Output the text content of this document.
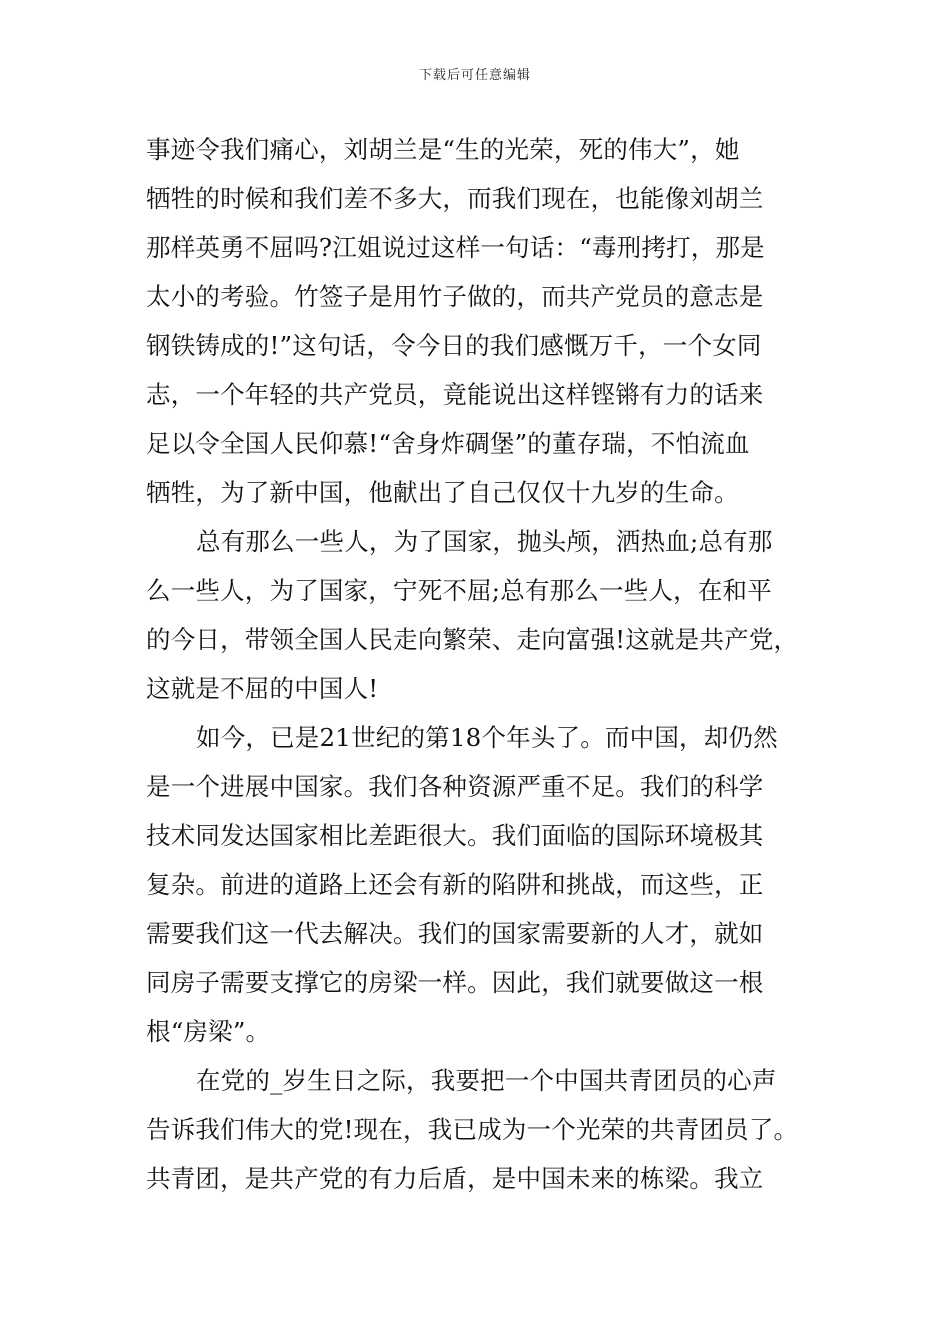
下载后可任意编辑
事迹令我们痛心，刘胡兰是“生的光荣，死的伟大”，她
牺牲的时候和我们差不多大，而我们现在，也能像刘胡兰
那样英勇不屈吗?江姐说过这样一句话：“毒刑拷打，那是
太小的考验。竹签子是用竹子做的，而共产党员的意志是
钢铁铸成的!”这句话，令今日的我们感慨万千，一个女同
志，一个年轻的共产党员，竟能说出这样铿锵有力的话来
足以令全国人民仰慕!“舍身炸碉堡”的董存瑞，不怕流血
牺牲，为了新中国，他献出了自己仅仅十九岁的生命。
总有那么一些人，为了国家，抛头颅，洒热血;总有那
么一些人，为了国家，宁死不屈;总有那么一些人，在和平
的今日，带领全国人民走向繁荣、走向富强!这就是共产党，
这就是不屈的中国人!
如今，已是21世纪的第18个年头了。而中国，却仍然
是一个进展中国家。我们各种资源严重不足。我们的科学
技术同发达国家相比差距很大。我们面临的国际环境极其
复杂。前进的道路上还会有新的陷阱和挑战，而这些，正
需要我们这一代去解决。我们的国家需要新的人才，就如
同房子需要支撑它的房梁一样。因此，我们就要做这一根
根“房梁”。
在党的_岁生日之际，我要把一个中国共青团员的心声
告诉我们伟大的党!现在，我已成为一个光荣的共青团员了。
共青团，是共产党的有力后盾，是中国未来的栋梁。我立
